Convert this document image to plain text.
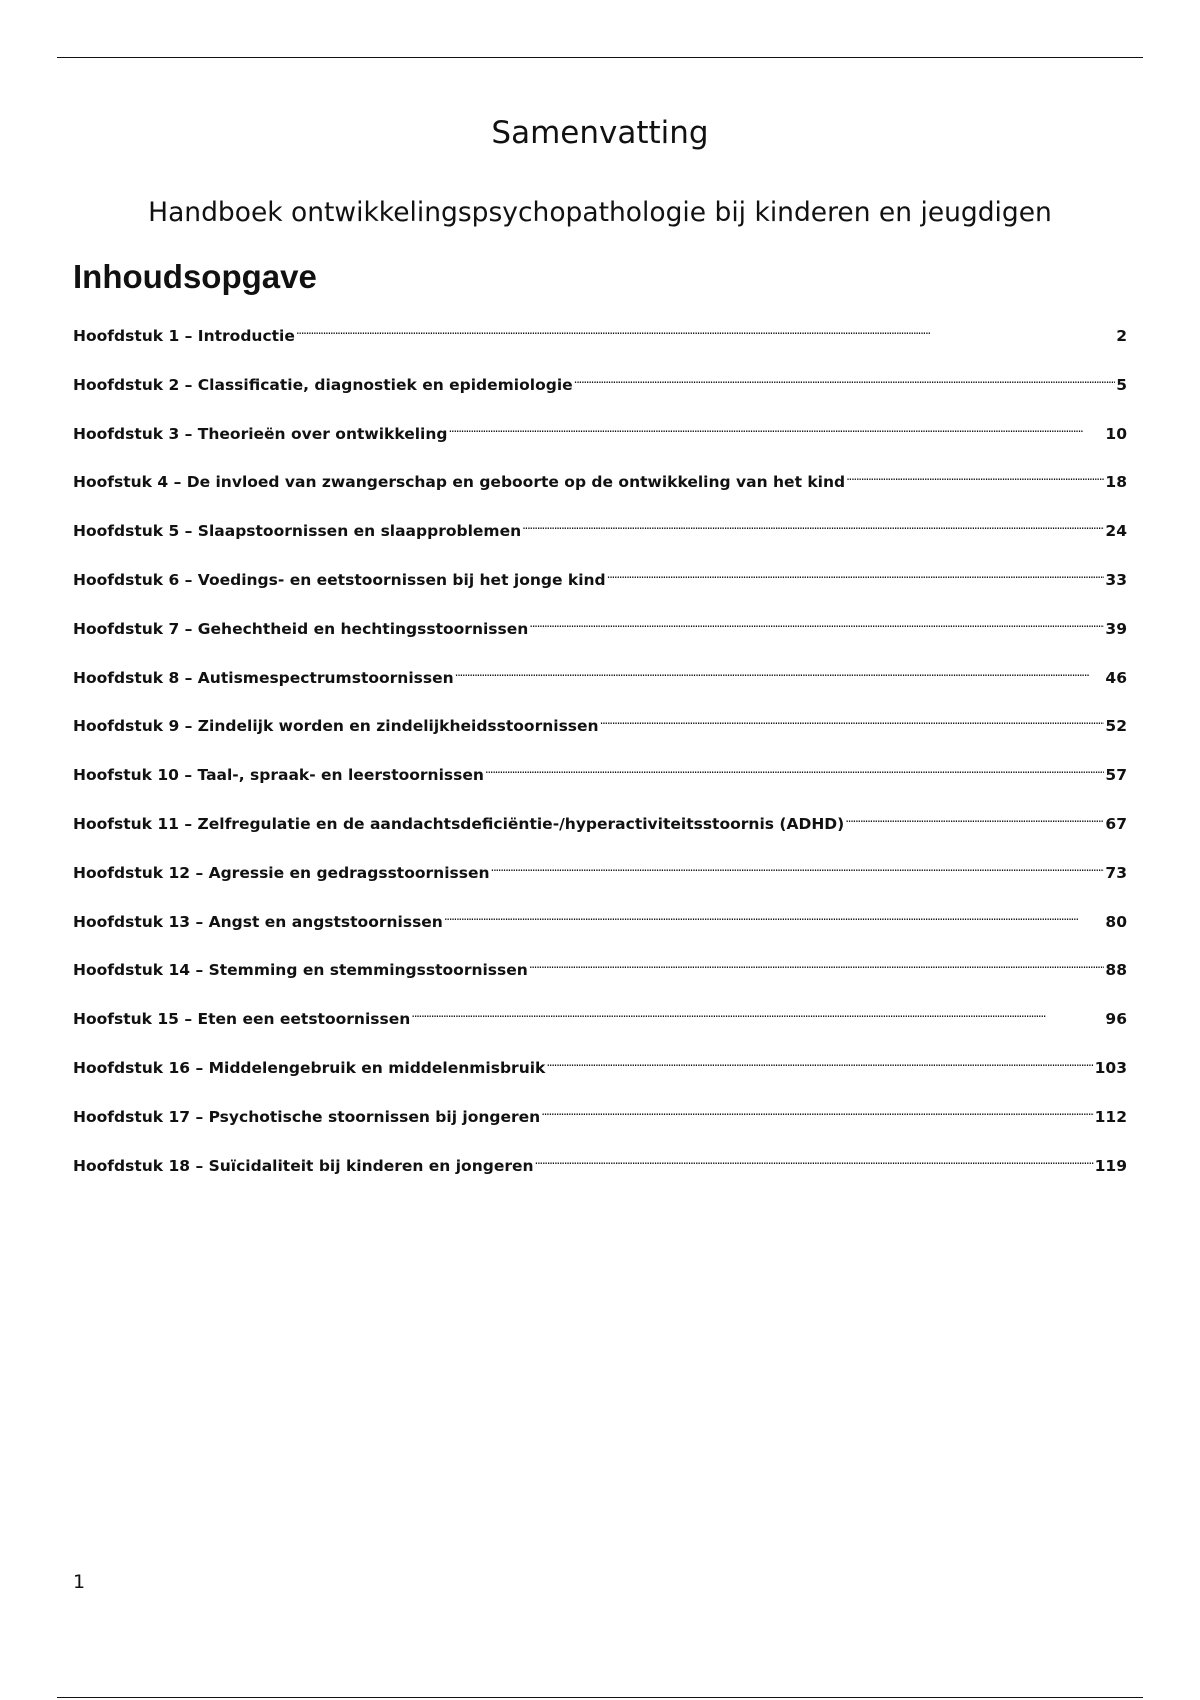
Samenvatting
Handboek ontwikkelingspsychopathologie bij kinderen en jeugdigen
Inhoudsopgave
Hoofdstuk 1 – Introductie . . .	2
Hoofdstuk 2 – Classificatie, diagnostiek en epidemiologie . . .	5
Hoofdstuk 3 – Theorieën over ontwikkeling . . .	10
Hoofstuk 4 – De invloed van zwangerschap en geboorte op de ontwikkeling van het kind . . .	18
Hoofdstuk 5 – Slaapstoornissen en slaapproblemen . . .	24
Hoofdstuk 6 – Voedings- en eetstoornissen bij het jonge kind . . .	33
Hoofdstuk 7 – Gehechtheid en hechtingsstoornissen . . .	39
Hoofdstuk 8 – Autismespectrumstoornissen . . .	46
Hoofdstuk 9 – Zindelijk worden en zindelijkheidsstoornissen . . .	52
Hoofstuk 10 – Taal-, spraak- en leerstoornissen . . .	57
Hoofstuk 11 – Zelfregulatie en de aandachtsdeficiëntie-/hyperactiviteitsstoornis (ADHD) . . .	67
Hoofdstuk 12 – Agressie en gedragsstoornissen . . .	73
Hoofdstuk 13 – Angst en angststoornissen . . .	80
Hoofdstuk 14 – Stemming en stemmingsstoornissen . . .	88
Hoofstuk 15 – Eten een eetstoornissen . . .	96
Hoofdstuk 16 – Middelengebruik en middelenmisbruik . . .	103
Hoofdstuk 17 – Psychotische stoornissen bij jongeren . . .	112
Hoofdstuk 18 – Suïcidaliteit bij kinderen en jongeren . . .	119
1
